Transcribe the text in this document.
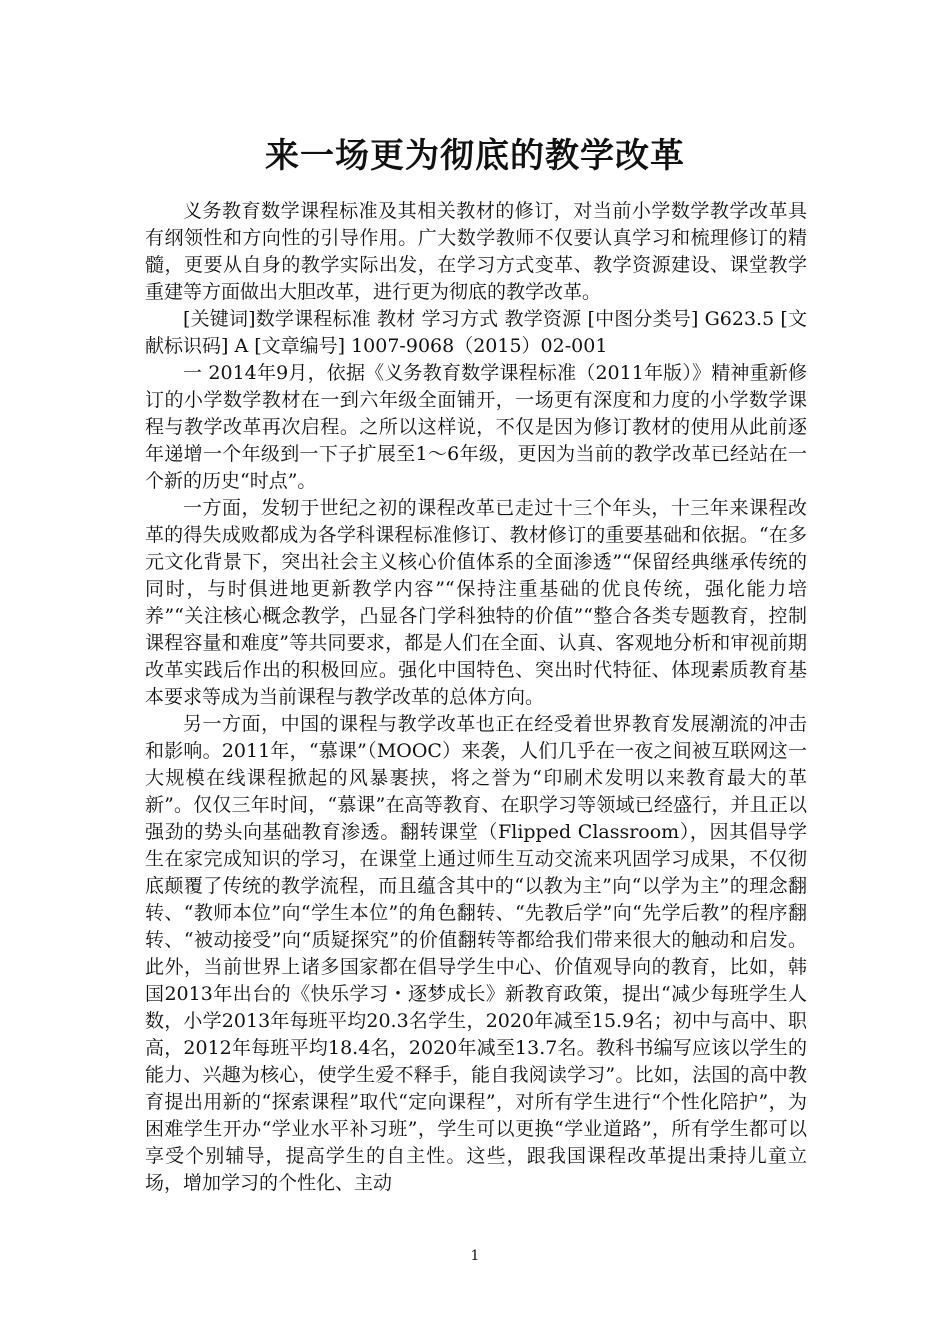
来一场更为彻底的教学改革

义务教育数学课程标准及其相关教材的修订，对当前小学数学教学改革具有纲领性和方向性的引导作用。广大数学教师不仅要认真学习和梳理修订的精髓，更要从自身的教学实际出发，在学习方式变革、教学资源建设、课堂教学重建等方面做出大胆改革，进行更为彻底的教学改革。

[关键词]数学课程标准 教材 学习方式 教学资源 [中图分类号] G623.5 [文献标识码] A [文章编号] 1007-9068（2015）02-001

一 2014年9月，依据《义务教育数学课程标准（2011年版）》精神重新修订的小学数学教材在一到六年级全面铺开，一场更有深度和力度的小学数学课程与教学改革再次启程。之所以这样说，不仅是因为修订教材的使用从此前逐年递增一个年级到一下子扩展至1～6年级，更因为当前的教学改革已经站在一个新的历史“时点”。

一方面，发轫于世纪之初的课程改革已走过十三个年头，十三年来课程改革的得失成败都成为各学科课程标准修订、教材修订的重要基础和依据。“在多元文化背景下，突出社会主义核心价值体系的全面渗透”“保留经典继承传统的同时，与时俱进地更新教学内容”“保持注重基础的优良传统，强化能力培养”“关注核心概念教学，凸显各门学科独特的价值”“整合各类专题教育，控制课程容量和难度”等共同要求，都是人们在全面、认真、客观地分析和审视前期改革实践后作出的积极回应。强化中国特色、突出时代特征、体现素质教育基本要求等成为当前课程与教学改革的总体方向。

另一方面，中国的课程与教学改革也正在经受着世界教育发展潮流的冲击和影响。2011年，“慕课”（MOOC）来袭，人们几乎在一夜之间被互联网这一大规模在线课程掀起的风暴裹挟，将之誉为“印刷术发明以来教育最大的革新”。仅仅三年时间，“慕课”在高等教育、在职学习等领域已经盛行，并且正以强劲的势头向基础教育渗透。翻转课堂（Flipped Classroom），因其倡导学生在家完成知识的学习，在课堂上通过师生互动交流来巩固学习成果，不仅彻底颠覆了传统的教学流程，而且蕴含其中的“以教为主”向“以学为主”的理念翻转、“教师本位”向“学生本位”的角色翻转、“先教后学”向“先学后教”的程序翻转、“被动接受”向“质疑探究”的价值翻转等都给我们带来很大的触动和启发。此外，当前世界上诸多国家都在倡导学生中心、价值观导向的教育，比如，韩国2013年出台的《快乐学习・逐梦成长》新教育政策，提出“减少每班学生人数，小学2013年每班平均20.3名学生，2020年减至15.9名；初中与高中、职高，2012年每班平均18.4名，2020年减至13.7名。教科书编写应该以学生的能力、兴趣为核心，使学生爱不释手，能自我阅读学习”。比如，法国的高中教育提出用新的“探索课程”取代“定向课程”，对所有学生进行“个性化陪护”，为困难学生开办“学业水平补习班”，学生可以更换“学业道路”，所有学生都可以享受个别辅导，提高学生的自主性。这些，跟我国课程改革提出秉持儿童立场，增加学习的个性化、主动

1
